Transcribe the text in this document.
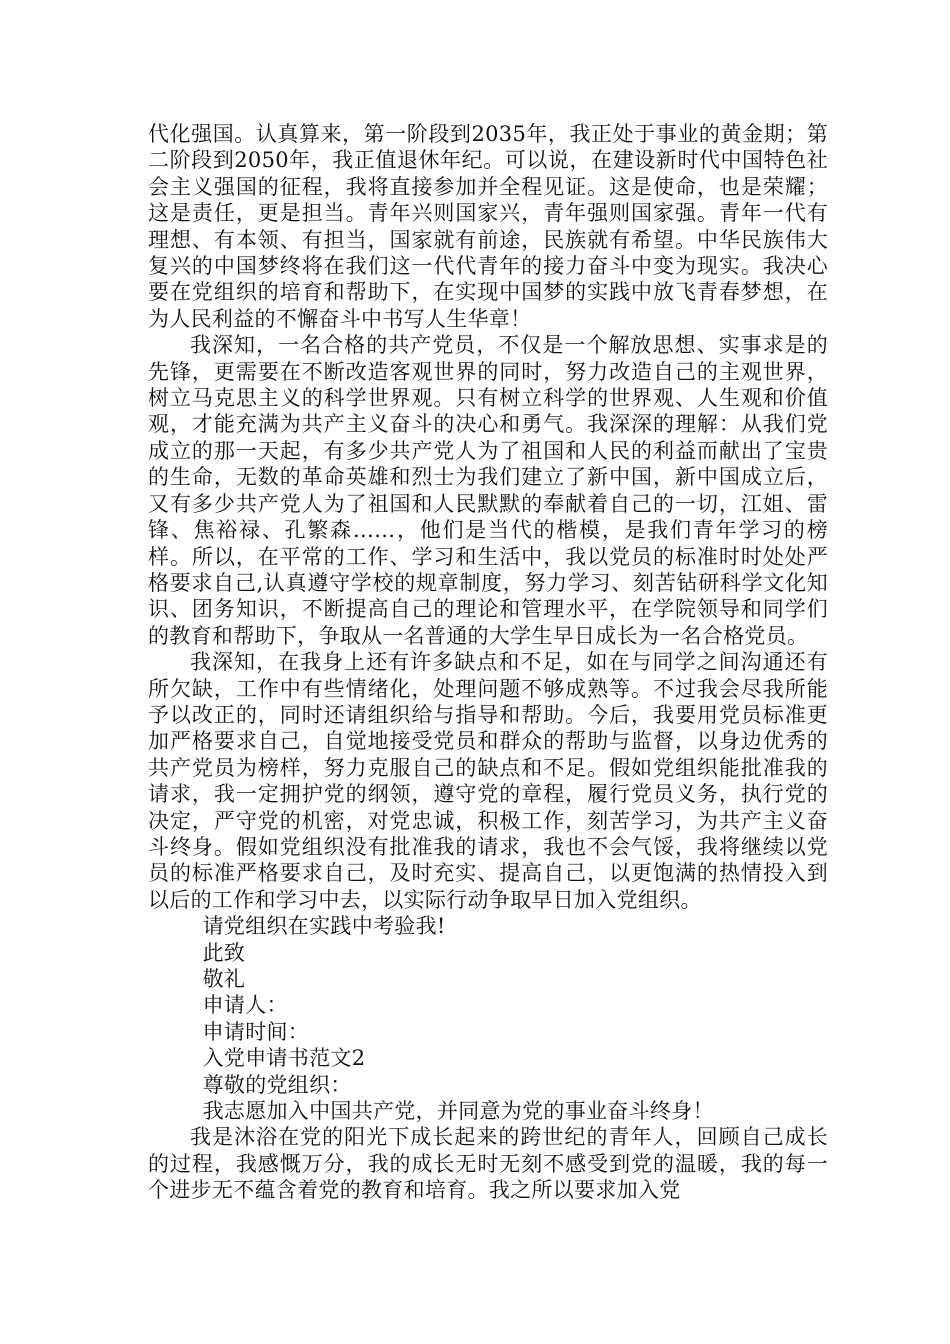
代化强国。认真算来，第一阶段到2035年，我正处于事业的黄金期；第二阶段到2050年，我正值退休年纪。可以说，在建设新时代中国特色社会主义强国的征程，我将直接参加并全程见证。这是使命，也是荣耀；这是责任，更是担当。青年兴则国家兴，青年强则国家强。青年一代有理想、有本领、有担当，国家就有前途，民族就有希望。中华民族伟大复兴的中国梦终将在我们这一代代青年的接力奋斗中变为现实。我决心要在党组织的培育和帮助下，在实现中国梦的实践中放飞青春梦想，在为人民利益的不懈奋斗中书写人生华章！

我深知，一名合格的共产党员，不仅是一个解放思想、实事求是的先锋，更需要在不断改造客观世界的同时，努力改造自己的主观世界，树立马克思主义的科学世界观。只有树立科学的世界观、人生观和价值观，才能充满为共产主义奋斗的决心和勇气。我深深的理解：从我们党成立的那一天起，有多少共产党人为了祖国和人民的利益而献出了宝贵的生命，无数的革命英雄和烈士为我们建立了新中国，新中国成立后，又有多少共产党人为了祖国和人民默默的奉献着自己的一切，江姐、雷锋、焦裕禄、孔繁森……，他们是当代的楷模，是我们青年学习的榜样。所以，在平常的工作、学习和生活中，我以党员的标准时时处处严格要求自己,认真遵守学校的规章制度，努力学习、刻苦钻研科学文化知识、团务知识，不断提高自己的理论和管理水平，在学院领导和同学们的教育和帮助下，争取从一名普通的大学生早日成长为一名合格党员。

我深知，在我身上还有许多缺点和不足，如在与同学之间沟通还有所欠缺，工作中有些情绪化，处理问题不够成熟等。不过我会尽我所能予以改正的，同时还请组织给与指导和帮助。今后，我要用党员标准更加严格要求自己，自觉地接受党员和群众的帮助与监督，以身边优秀的共产党员为榜样，努力克服自己的缺点和不足。假如党组织能批准我的请求，我一定拥护党的纲领，遵守党的章程，履行党员义务，执行党的决定，严守党的机密，对党忠诚，积极工作，刻苦学习，为共产主义奋斗终身。假如党组织没有批准我的请求，我也不会气馁，我将继续以党员的标准严格要求自己，及时充实、提高自己，以更饱满的热情投入到以后的工作和学习中去，以实际行动争取早日加入党组织。

请党组织在实践中考验我!

此致

敬礼

申请人：

申请时间：

入党申请书范文2

尊敬的党组织：

我志愿加入中国共产党，并同意为党的事业奋斗终身！

我是沐浴在党的阳光下成长起来的跨世纪的青年人，回顾自己成长的过程，我感慨万分，我的成长无时无刻不感受到党的温暖，我的每一个进步无不蕴含着党的教育和培育。我之所以要求加入党
